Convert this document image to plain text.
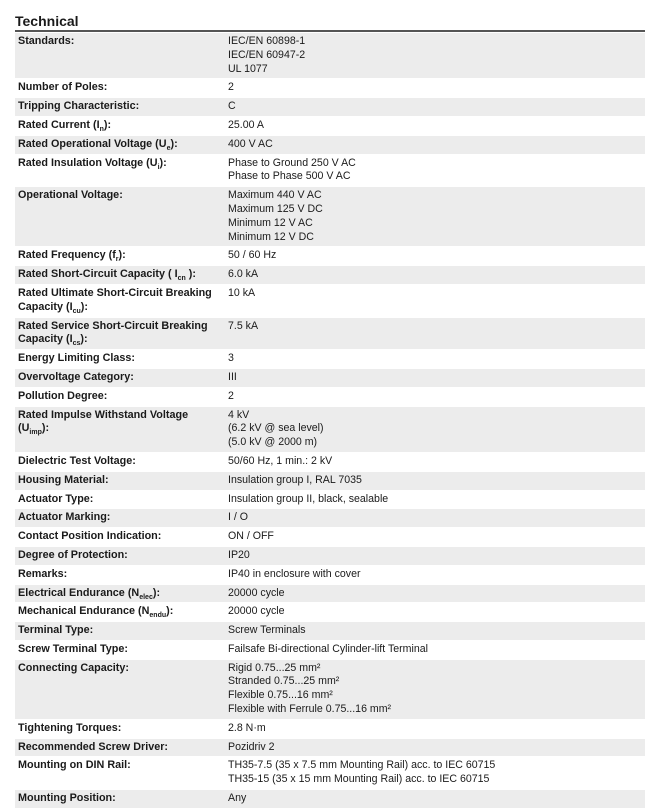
Technical
Standards:	IEC/EN 60898-1
IEC/EN 60947-2
UL 1077

Number of Poles:	2

Tripping Characteristic:	C

Rated Current $(I_n)$:	25.00 A

Rated Operational Voltage $(U_e)$:	400 V AC

Rated Insulation Voltage $(U_i)$:	Phase to Ground 250 V AC
Phase to Phase 500 V AC

Operational Voltage:	Maximum 440 V AC
Maximum 125 V DC
Minimum 12 V AC
Minimum 12 V DC

Rated Frequency $(f_r)$:	50 / 60 Hz

Rated Short-Circuit Capacity ( $I_{cn}$ ):	6.0 kA

Rated Ultimate Short-Circuit Breaking Capacity $(I_{cu})$:	10 kA

Rated Service Short-Circuit Breaking Capacity $(I_{cs})$:	7.5 kA

Energy Limiting Class:	3

Overvoltage Category:	III

Pollution Degree:	2

Rated Impulse Withstand Voltage $(U_{imp})$:	4 kV
(6.2 kV @ sea level)
(5.0 kV @ 2000 m)

Dielectric Test Voltage:	50/60 Hz, 1 min.: 2 kV

Housing Material:	Insulation group I, RAL 7035

Actuator Type:	Insulation group II, black, sealable

Actuator Marking:	I / O

Contact Position Indication:	ON / OFF

Degree of Protection:	IP20

Remarks:	IP40 in enclosure with cover

Electrical Endurance $(N_{elec})$:	20000 cycle

Mechanical Endurance $(N_{endu})$:	20000 cycle

Terminal Type:	Screw Terminals

Screw Terminal Type:	Failsafe Bi-directional Cylinder-lift Terminal

Connecting Capacity:	Rigid 0.75...25 mm²
Stranded 0.75...25 mm²
Flexible 0.75...16 mm²
Flexible with Ferrule 0.75...16 mm²

Tightening Torques:	2.8 N·m

Recommended Screw Driver:	Pozidriv 2

Mounting on DIN Rail:	TH35-7.5 (35 x 7.5 mm Mounting Rail) acc. to IEC 60715
TH35-15 (35 x 15 mm Mounting Rail) acc. to IEC 60715

Mounting Position:	Any
